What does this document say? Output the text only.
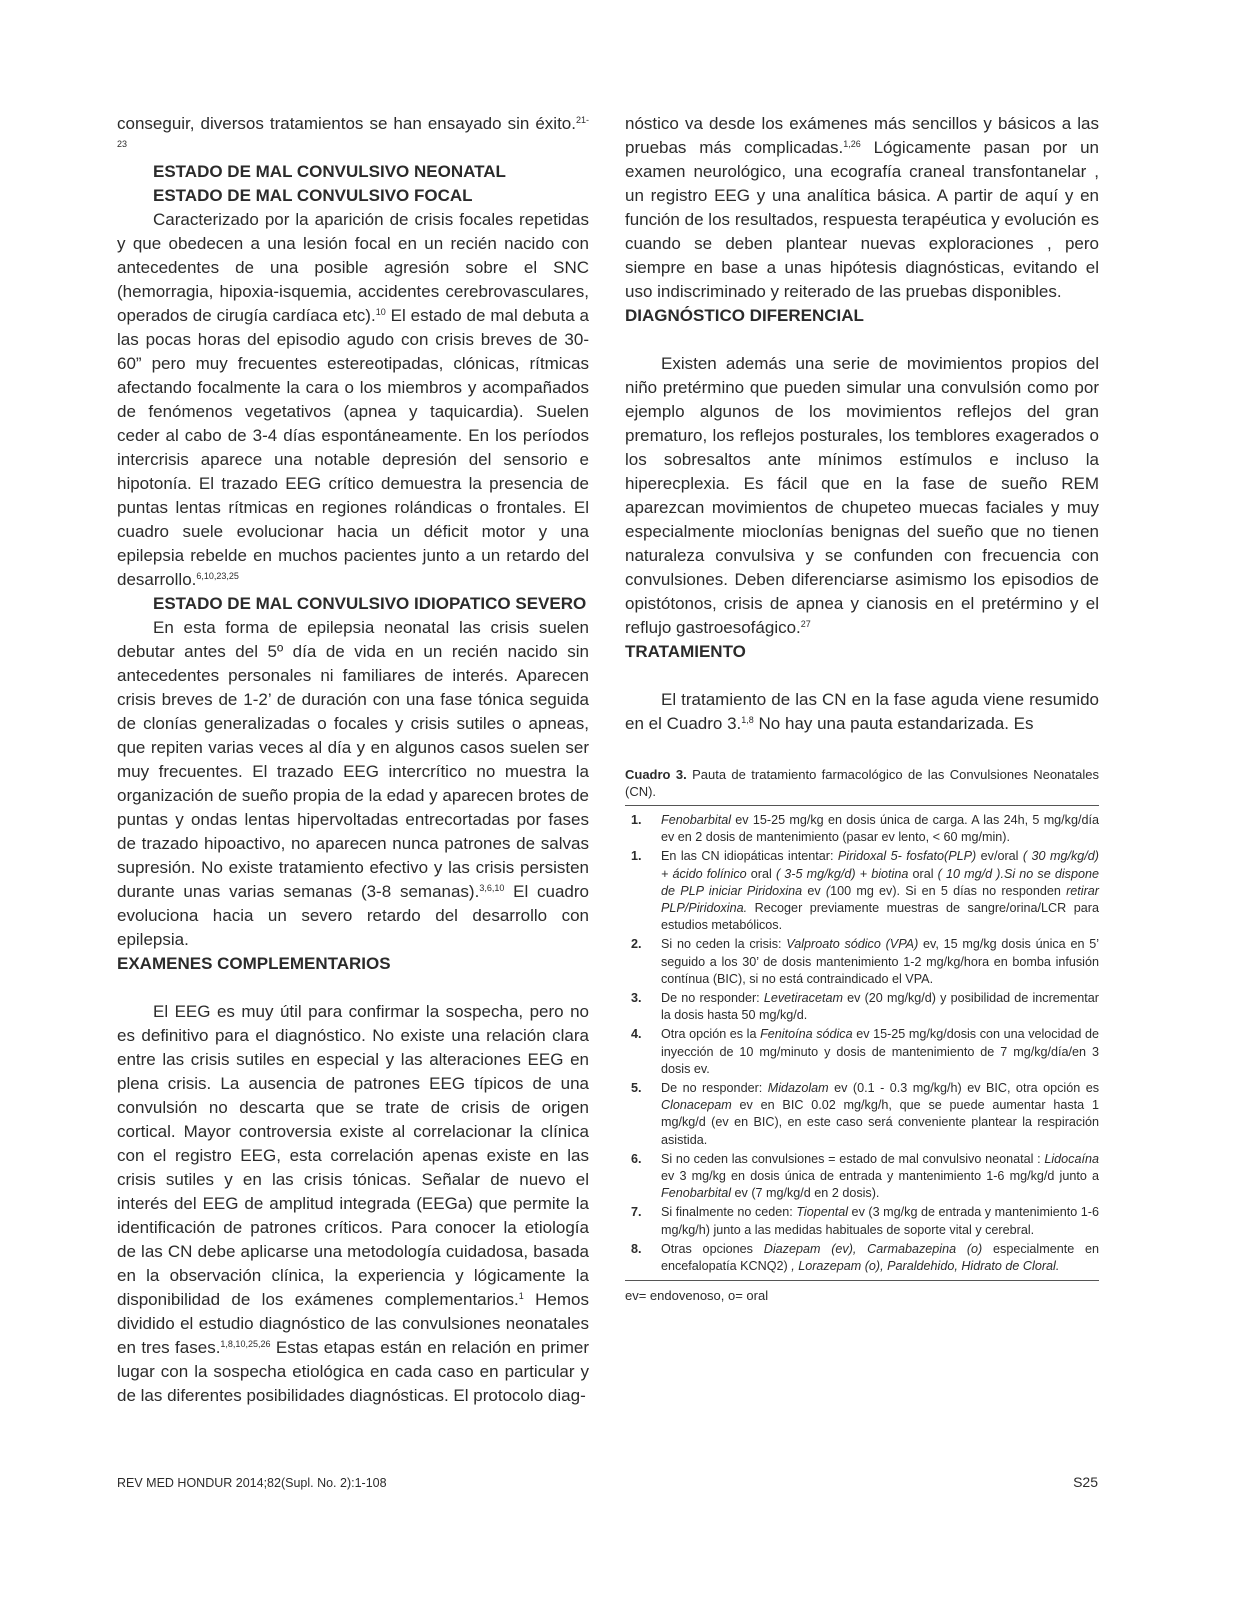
conseguir, diversos tratamientos se han ensayado sin éxito.$^{21-23}$

ESTADO DE MAL CONVULSIVO NEONATAL
ESTADO DE MAL CONVULSIVO FOCAL

Caracterizado por la aparición de crisis focales repetidas y que obedecen a una lesión focal en un recién nacido con antecedentes de una posible agresión sobre el SNC (hemorragia, hipoxia-isquemia, accidentes cerebrovasculares, operados de cirugía cardíaca etc).$^{10}$ El estado de mal debuta a las pocas horas del episodio agudo con crisis breves de 30-60” pero muy frecuentes estereotipadas, clónicas, rítmicas afectando focalmente la cara o los miembros y acompañados de fenómenos vegetativos (apnea y taquicardia). Suelen ceder al cabo de 3-4 días espontáneamente. En los períodos intercrisis aparece una notable depresión del sensorio e hipotonía. El trazado EEG crítico demuestra la presencia de puntas lentas rítmicas en regiones rolándicas o frontales. El cuadro suele evolucionar hacia un déficit motor y una epilepsia rebelde en muchos pacientes junto a un retardo del desarrollo.$^{6,10,23,25}$

ESTADO DE MAL CONVULSIVO IDIOPATICO SEVERO

En esta forma de epilepsia neonatal las crisis suelen debutar antes del 5º día de vida en un recién nacido sin antecedentes personales ni familiares de interés. Aparecen crisis breves de 1-2’ de duración con una fase tónica seguida de clonías generalizadas o focales y crisis sutiles o apneas, que repiten varias veces al día y en algunos casos suelen ser muy frecuentes. El trazado EEG intercrítico no muestra la organización de sueño propia de la edad y aparecen brotes de puntas y ondas lentas hipervoltadas entrecortadas por fases de trazado hipoactivo, no aparecen nunca patrones de salvas supresión. No existe tratamiento efectivo y las crisis persisten durante unas varias semanas (3-8 semanas).$^{3,6,10}$ El cuadro evoluciona hacia un severo retardo del desarrollo con epilepsia.

EXAMENES COMPLEMENTARIOS

El EEG es muy útil para confirmar la sospecha, pero no es definitivo para el diagnóstico. No existe una relación clara entre las crisis sutiles en especial y las alteraciones EEG en plena crisis. La ausencia de patrones EEG típicos de una convulsión no descarta que se trate de crisis de origen cortical. Mayor controversia existe al correlacionar la clínica con el registro EEG, esta correlación apenas existe en las crisis sutiles y en las crisis tónicas. Señalar de nuevo el interés del EEG de amplitud integrada (EEGa) que permite la identificación de patrones críticos. Para conocer la etiología de las CN debe aplicarse una metodología cuidadosa, basada en la observación clínica, la experiencia y lógicamente la disponibilidad de los exámenes complementarios.$^1$ Hemos dividido el estudio diagnóstico de las convulsiones neonatales en tres fases.$^{1,8,10,25,26}$ Estas etapas están en relación en primer lugar con la sospecha etiológica en cada caso en particular y de las diferentes posibilidades diagnósticas. El protocolo diag-

nóstico va desde los exámenes más sencillos y básicos a las pruebas más complicadas.$^{1,26}$ Lógicamente pasan por un examen neurológico, una ecografía craneal transfontanelar , un registro EEG y una analítica básica. A partir de aquí y en función de los resultados, respuesta terapéutica y evolución es cuando se deben plantear nuevas exploraciones , pero siempre en base a unas hipótesis diagnósticas, evitando el uso indiscriminado y reiterado de las pruebas disponibles.

DIAGNÓSTICO DIFERENCIAL

Existen además una serie de movimientos propios del niño pretérmino que pueden simular una convulsión como por ejemplo algunos de los movimientos reflejos del gran prematuro, los reflejos posturales, los temblores exagerados o los sobresaltos ante mínimos estímulos e incluso la hiperecplexia. Es fácil que en la fase de sueño REM aparezcan movimientos de chupeteo muecas faciales y muy especialmente mioclonías benignas del sueño que no tienen naturaleza convulsiva y se confunden con frecuencia con convulsiones. Deben diferenciarse asimismo los episodios de opistótonos, crisis de apnea y cianosis en el pretérmino y el reflujo gastroesofágico.$^{27}$

TRATAMIENTO

El tratamiento de las CN en la fase aguda viene resumido en el Cuadro 3.$^{1,8}$ No hay una pauta estandarizada. Es

Cuadro 3. Pauta de tratamiento farmacológico de las Convulsiones Neonatales (CN).

1.	Fenobarbital ev 15-25 mg/kg en dosis única de carga. A las 24h, 5 mg/kg/día ev en 2 dosis de mantenimiento (pasar ev lento, < 60 mg/min).
1.	En las CN idiopáticas intentar: Piridoxal 5- fosfato(PLP) ev/oral ( 30 mg/kg/d) + ácido folínico oral ( 3-5 mg/kg/d) + biotina oral ( 10 mg/d ).Si no se dispone de PLP iniciar Piridoxina ev (100 mg ev). Si en 5 días no responden retirar PLP/Piridoxina. Recoger previamente muestras de sangre/orina/LCR para estudios metabólicos.
2.	Si no ceden la crisis: Valproato sódico (VPA) ev, 15 mg/kg dosis única en 5’ seguido a los 30’ de dosis mantenimiento 1-2 mg/kg/hora en bomba infusión contínua (BIC), si no está contraindicado el VPA.
3.	De no responder: Levetiracetam ev (20 mg/kg/d) y posibilidad de incrementar la dosis hasta 50 mg/kg/d.
4.	Otra opción es la Fenitoína sódica ev 15-25 mg/kg/dosis con una velocidad de inyección de 10 mg/minuto y dosis de mantenimiento de 7 mg/kg/día/en 3 dosis ev.
5.	De no responder: Midazolam ev (0.1 - 0.3 mg/kg/h) ev BIC, otra opción es Clonacepam ev en BIC 0.02 mg/kg/h, que se puede aumentar hasta 1 mg/kg/d (ev en BIC), en este caso será conveniente plantear la respiración asistida.
6.	Si no ceden las convulsiones = estado de mal convulsivo neonatal : Lidocaína ev 3 mg/kg en dosis única de entrada y mantenimiento 1-6 mg/kg/d junto a Fenobarbital ev (7 mg/kg/d en 2 dosis).
7.	Si finalmente no ceden: Tiopental ev (3 mg/kg de entrada y mantenimiento 1-6 mg/kg/h) junto a las medidas habituales de soporte vital y cerebral.
8.	Otras opciones Diazepam (ev), Carmabazepina (o) especialmente en encefalopatía KCNQ2) , Lorazepam (o), Paraldehido, Hidrato de Cloral.

ev= endovenoso, o= oral

REV MED HONDUR 2014;82(Supl. No. 2):1-108	S25
